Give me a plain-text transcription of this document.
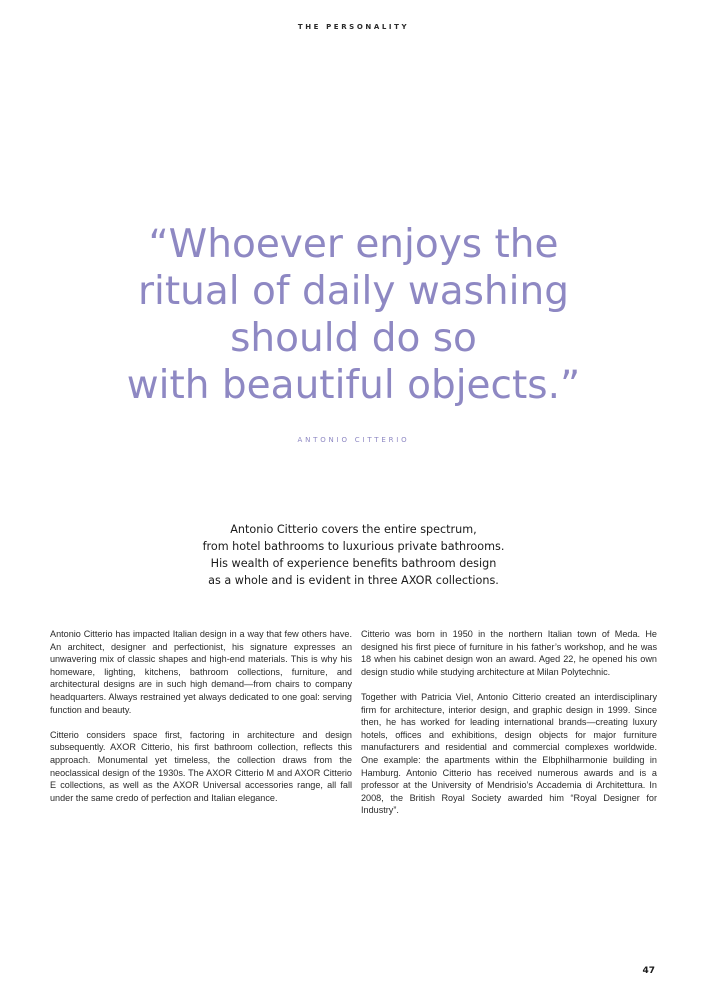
THE PERSONALITY
“Whoever enjoys the
ritual of daily washing
should do so
with beautiful objects.”
ANTONIO CITTERIO
Antonio Citterio covers the entire spectrum,
from hotel bathrooms to luxurious private bathrooms.
His wealth of experience benefits bathroom design
as a whole and is evident in three AXOR collections.

Antonio Citterio has impacted Italian design in a way that few others have. An architect, designer and perfectionist, his signature expresses an unwavering mix of classic shapes and high-end materials. This is why his homeware, lighting, kitchens, bathroom collections, furniture, and architectural designs are in such high demand—from chairs to company headquarters. Always restrained yet always dedicated to one goal: serving function and beauty.

Citterio considers space first, factoring in architecture and design subsequently. AXOR Citterio, his first bathroom collection, reflects this approach. Monumental yet timeless, the collection draws from the neoclassical design of the 1930s. The AXOR Citterio M and AXOR Citterio E collections, as well as the AXOR Universal accessories range, all fall under the same credo of perfection and Italian elegance.

Citterio was born in 1950 in the northern Italian town of Meda. He designed his first piece of furniture in his father’s workshop, and he was 18 when his cabinet design won an award. Aged 22, he opened his own design studio while studying architecture at Milan Polytechnic.

Together with Patricia Viel, Antonio Citterio created an interdisciplinary firm for architecture, interior design, and graphic design in 1999. Since then, he has worked for leading international brands—creating luxury hotels, offices and exhibitions, design objects for major furniture manufacturers and residential and commercial complexes worldwide. One example: the apartments within the Elbphilharmonie building in Hamburg. Antonio Citterio has received numerous awards and is a professor at the University of Mendrisio’s Accademia di Architettura. In 2008, the British Royal Society awarded him “Royal Designer for Industry”.

47
